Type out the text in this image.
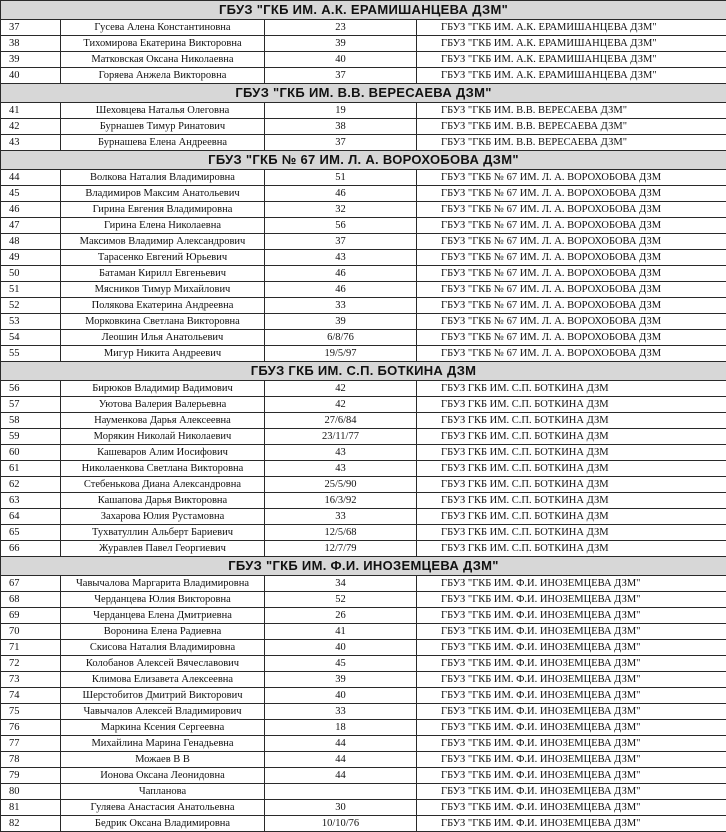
ГБУЗ "ГКБ ИМ. А.К. ЕРАМИШАНЦЕВА ДЗМ"			
37	Гусева Алена Константиновна	23	ГБУЗ "ГКБ ИМ. А.К. ЕРАМИШАНЦЕВА ДЗМ"
38	Тихомирова Екатерина Викторовна	39	ГБУЗ "ГКБ ИМ. А.К. ЕРАМИШАНЦЕВА ДЗМ"
39	Матковская Оксана Николаевна	40	ГБУЗ "ГКБ ИМ. А.К. ЕРАМИШАНЦЕВА ДЗМ"
40	Горяева Анжела Викторовна	37	ГБУЗ "ГКБ ИМ. А.К. ЕРАМИШАНЦЕВА ДЗМ"
ГБУЗ "ГКБ ИМ. В.В. ВЕРЕСАЕВА ДЗМ"			
41	Шеховцева Наталья Олеговна	19	ГБУЗ "ГКБ ИМ. В.В. ВЕРЕСАЕВА ДЗМ"
42	Бурнашев Тимур Ринатович	38	ГБУЗ "ГКБ ИМ. В.В. ВЕРЕСАЕВА ДЗМ"
43	Бурнашева Елена Андреевна	37	ГБУЗ "ГКБ ИМ. В.В. ВЕРЕСАЕВА ДЗМ"
ГБУЗ "ГКБ № 67 ИМ. Л. А. ВОРОХОБОВА ДЗМ"			
44	Волкова Наталия Владимировна	51	ГБУЗ "ГКБ № 67 ИМ. Л. А. ВОРОХОБОВА ДЗМ
45	Владимиров Максим Анатольевич	46	ГБУЗ "ГКБ № 67 ИМ. Л. А. ВОРОХОБОВА ДЗМ
46	Гирина Евгения Владимировна	32	ГБУЗ "ГКБ № 67 ИМ. Л. А. ВОРОХОБОВА ДЗМ
47	Гирина Елена Николаевна	56	ГБУЗ "ГКБ № 67 ИМ. Л. А. ВОРОХОБОВА ДЗМ
48	Максимов Владимир Александрович	37	ГБУЗ "ГКБ № 67 ИМ. Л. А. ВОРОХОБОВА ДЗМ
49	Тарасенко Евгений Юрьевич	43	ГБУЗ "ГКБ № 67 ИМ. Л. А. ВОРОХОБОВА ДЗМ
50	Батаман Кирилл Евгеньевич	46	ГБУЗ "ГКБ № 67 ИМ. Л. А. ВОРОХОБОВА ДЗМ
51	Мясников Тимур Михайлович	46	ГБУЗ "ГКБ № 67 ИМ. Л. А. ВОРОХОБОВА ДЗМ
52	Полякова Екатерина Андреевна	33	ГБУЗ "ГКБ № 67 ИМ. Л. А. ВОРОХОБОВА ДЗМ
53	Морковкина Светлана Викторовна	39	ГБУЗ "ГКБ № 67 ИМ. Л. А. ВОРОХОБОВА ДЗМ
54	Леошин Илья Анатольевич	6/8/76	ГБУЗ "ГКБ № 67 ИМ. Л. А. ВОРОХОБОВА ДЗМ
55	Мигур Никита Андреевич	19/5/97	ГБУЗ "ГКБ № 67 ИМ. Л. А. ВОРОХОБОВА ДЗМ
ГБУЗ ГКБ ИМ. С.П. БОТКИНА ДЗМ			
56	Бирюков Владимир Вадимович	42	ГБУЗ ГКБ ИМ. С.П. БОТКИНА ДЗМ
57	Уютова Валерия Валерьевна	42	ГБУЗ ГКБ ИМ. С.П. БОТКИНА ДЗМ
58	Науменкова Дарья Алексеевна	27/6/84	ГБУЗ ГКБ ИМ. С.П. БОТКИНА ДЗМ
59	Морякин Николай Николаевич	23/11/77	ГБУЗ ГКБ ИМ. С.П. БОТКИНА ДЗМ
60	Кашеваров Алим Иосифович	43	ГБУЗ ГКБ ИМ. С.П. БОТКИНА ДЗМ
61	Николаенкова Светлана Викторовна	43	ГБУЗ ГКБ ИМ. С.П. БОТКИНА ДЗМ
62	Стебенькова Диана Александровна	25/5/90	ГБУЗ ГКБ ИМ. С.П. БОТКИНА ДЗМ
63	Кашапова Дарья Викторовна	16/3/92	ГБУЗ ГКБ ИМ. С.П. БОТКИНА ДЗМ
64	Захарова Юлия Рустамовна	33	ГБУЗ ГКБ ИМ. С.П. БОТКИНА ДЗМ
65	Тухватуллин Альберт Бариевич	12/5/68	ГБУЗ ГКБ ИМ. С.П. БОТКИНА ДЗМ
66	Журавлев Павел Георгиевич	12/7/79	ГБУЗ ГКБ ИМ. С.П. БОТКИНА ДЗМ
ГБУЗ "ГКБ ИМ. Ф.И. ИНОЗЕМЦЕВА ДЗМ"			
67	Чавычалова Маргарита Владимировна	34	ГБУЗ "ГКБ ИМ. Ф.И. ИНОЗЕМЦЕВА ДЗМ"
68	Черданцева Юлия Викторовна	52	ГБУЗ "ГКБ ИМ. Ф.И. ИНОЗЕМЦЕВА ДЗМ"
69	Черданцева Елена Дмитриевна	26	ГБУЗ "ГКБ ИМ. Ф.И. ИНОЗЕМЦЕВА ДЗМ"
70	Воронина Елена Радиевна	41	ГБУЗ "ГКБ ИМ. Ф.И. ИНОЗЕМЦЕВА ДЗМ"
71	Скисова Наталия Владимировна	40	ГБУЗ "ГКБ ИМ. Ф.И. ИНОЗЕМЦЕВА ДЗМ"
72	Колобанов Алексей Вячеславович	45	ГБУЗ "ГКБ ИМ. Ф.И. ИНОЗЕМЦЕВА ДЗМ"
73	Климова Елизавета Алексеевна	39	ГБУЗ "ГКБ ИМ. Ф.И. ИНОЗЕМЦЕВА ДЗМ"
74	Шерстобитов Дмитрий Викторович	40	ГБУЗ "ГКБ ИМ. Ф.И. ИНОЗЕМЦЕВА ДЗМ"
75	Чавычалов Алексей Владимирович	33	ГБУЗ "ГКБ ИМ. Ф.И. ИНОЗЕМЦЕВА ДЗМ"
76	Маркина Ксения Сергеевна	18	ГБУЗ "ГКБ ИМ. Ф.И. ИНОЗЕМЦЕВА ДЗМ"
77	Михайлина Марина Генадьевна	44	ГБУЗ "ГКБ ИМ. Ф.И. ИНОЗЕМЦЕВА ДЗМ"
78	Можаев В В	44	ГБУЗ "ГКБ ИМ. Ф.И. ИНОЗЕМЦЕВА ДЗМ"
79	Ионова Оксана Леонидовна	44	ГБУЗ "ГКБ ИМ. Ф.И. ИНОЗЕМЦЕВА ДЗМ"
80	Чапланова		ГБУЗ "ГКБ ИМ. Ф.И. ИНОЗЕМЦЕВА ДЗМ"
81	Гуляева Анастасия Анатольевна	30	ГБУЗ "ГКБ ИМ. Ф.И. ИНОЗЕМЦЕВА ДЗМ"
82	Бедрик Оксана Владимировна	10/10/76	ГБУЗ "ГКБ ИМ. Ф.И. ИНОЗЕМЦЕВА ДЗМ"
